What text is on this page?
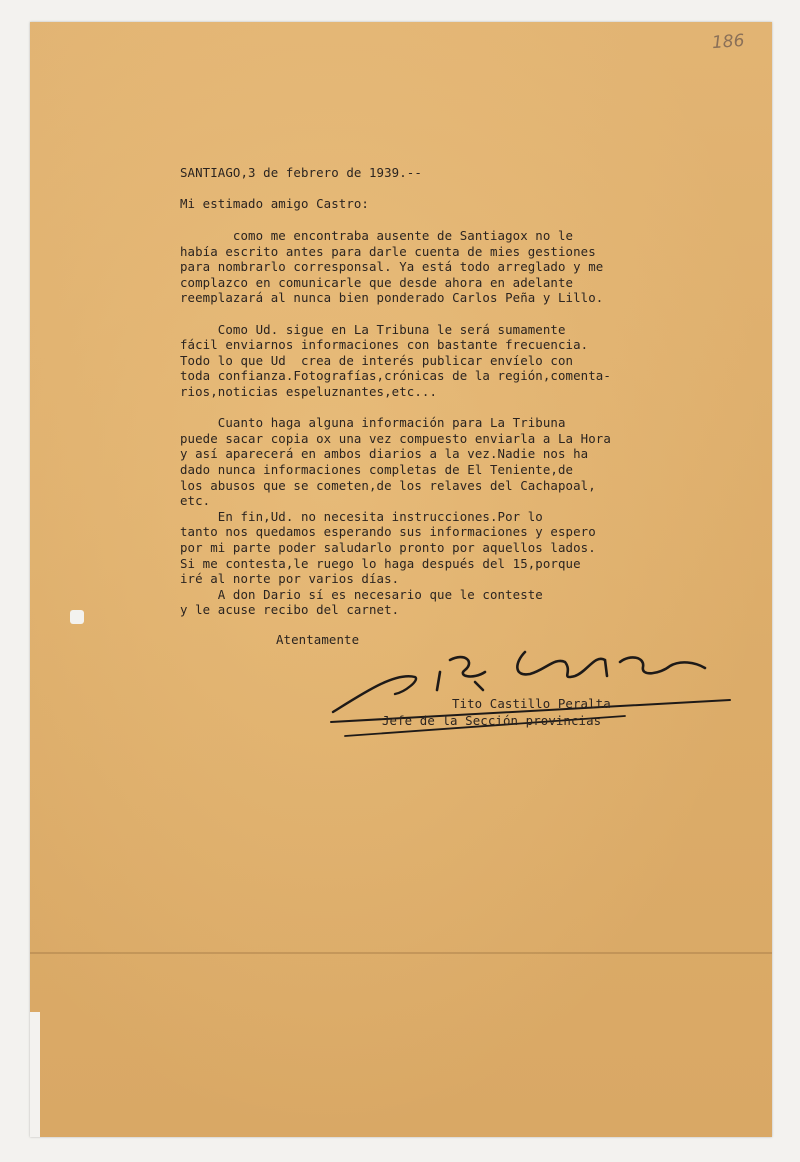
186
SANTIAGO,3 de febrero de 1939.--
Mi estimado amigo Castro:
como me encontraba ausente de Santiagox no le
había escrito antes para darle cuenta de mies gestiones
para nombrarlo corresponsal. Ya está todo arreglado y me
complazco en comunicarle que desde ahora en adelante
reemplazará al nunca bien ponderado Carlos Peña y Lillo.
Como Ud. sigue en La Tribuna le será sumamente
fácil enviarnos informaciones con bastante frecuencia.
Todo lo que Ud  crea de interés publicar envíelo con
toda confianza.Fotografías,crónicas de la región,comenta-
rios,noticias espeluznantes,etc...
Cuanto haga alguna información para La Tribuna
puede sacar copia ox una vez compuesto enviarla a La Hora
y así aparecerá en ambos diarios a la vez.Nadie nos ha
dado nunca informaciones completas de El Teniente,de
los abusos que se cometen,de los relaves del Cachapoal,
etc.
En fin,Ud. no necesita instrucciones.Por lo
tanto nos quedamos esperando sus informaciones y espero
por mi parte poder saludarlo pronto por aquellos lados.
Si me contesta,le ruego lo haga después del 15,porque
iré al norte por varios días.
A don Dario sí es necesario que le conteste
y le acuse recibo del carnet.
Atentamente
Tito Castillo Peralta
Jefe de la Sección provincias
